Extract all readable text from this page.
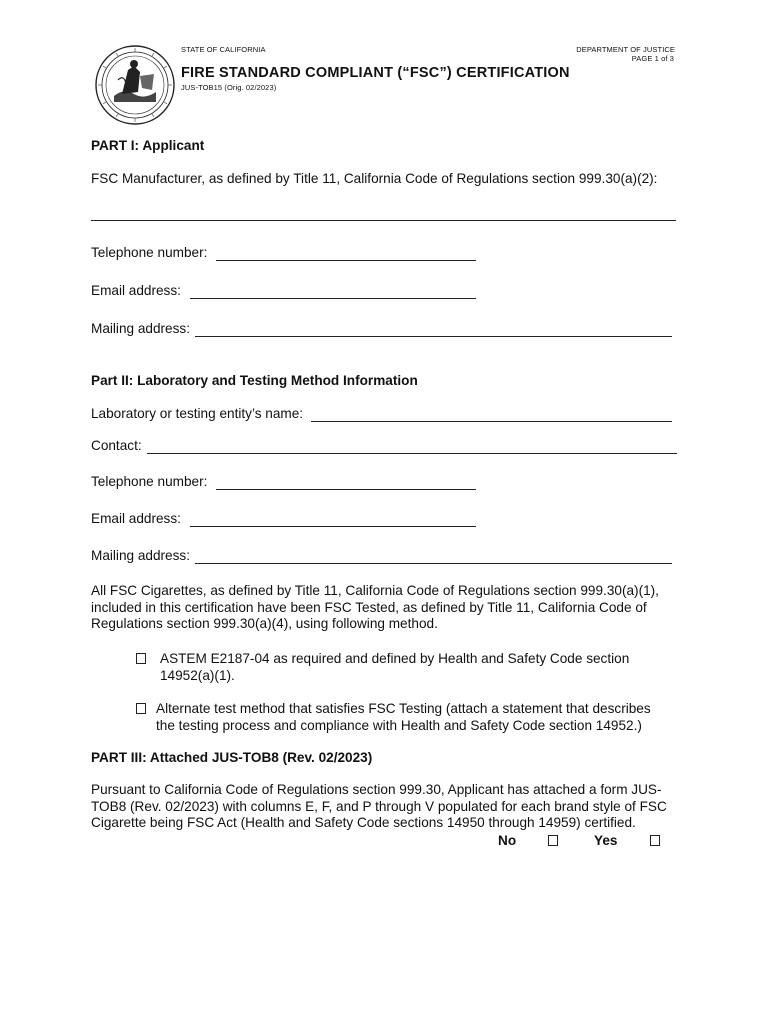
STATE OF CALIFORNIA	DEPARTMENT OF JUSTICE
PAGE 1 of 3
FIRE STANDARD COMPLIANT (“FSC”) CERTIFICATION
JUS-TOB15 (Orig. 02/2023)
PART I: Applicant
FSC Manufacturer, as defined by Title 11, California Code of Regulations section 999.30(a)(2):
Telephone number:
Email address:
Mailing address:
Part II: Laboratory and Testing Method Information
Laboratory or testing entity’s name:
Contact:
Telephone number:
Email address:
Mailing address:
All FSC Cigarettes, as defined by Title 11, California Code of Regulations section 999.30(a)(1), included in this certification have been FSC Tested, as defined by Title 11, California Code of Regulations section 999.30(a)(4), using following method.
ASTEM E2187-04 as required and defined by Health and Safety Code section
14952(a)(1).
Alternate test method that satisfies FSC Testing (attach a statement that describes
the testing process and compliance with Health and Safety Code section 14952.)
PART III: Attached JUS-TOB8 (Rev. 02/2023)
Pursuant to California Code of Regulations section 999.30, Applicant has attached a form JUS-TOB8 (Rev. 02/2023) with columns E, F, and P through V populated for each brand style of FSC Cigarette being FSC Act (Health and Safety Code sections 14950 through 14959) certified.
No	Yes
